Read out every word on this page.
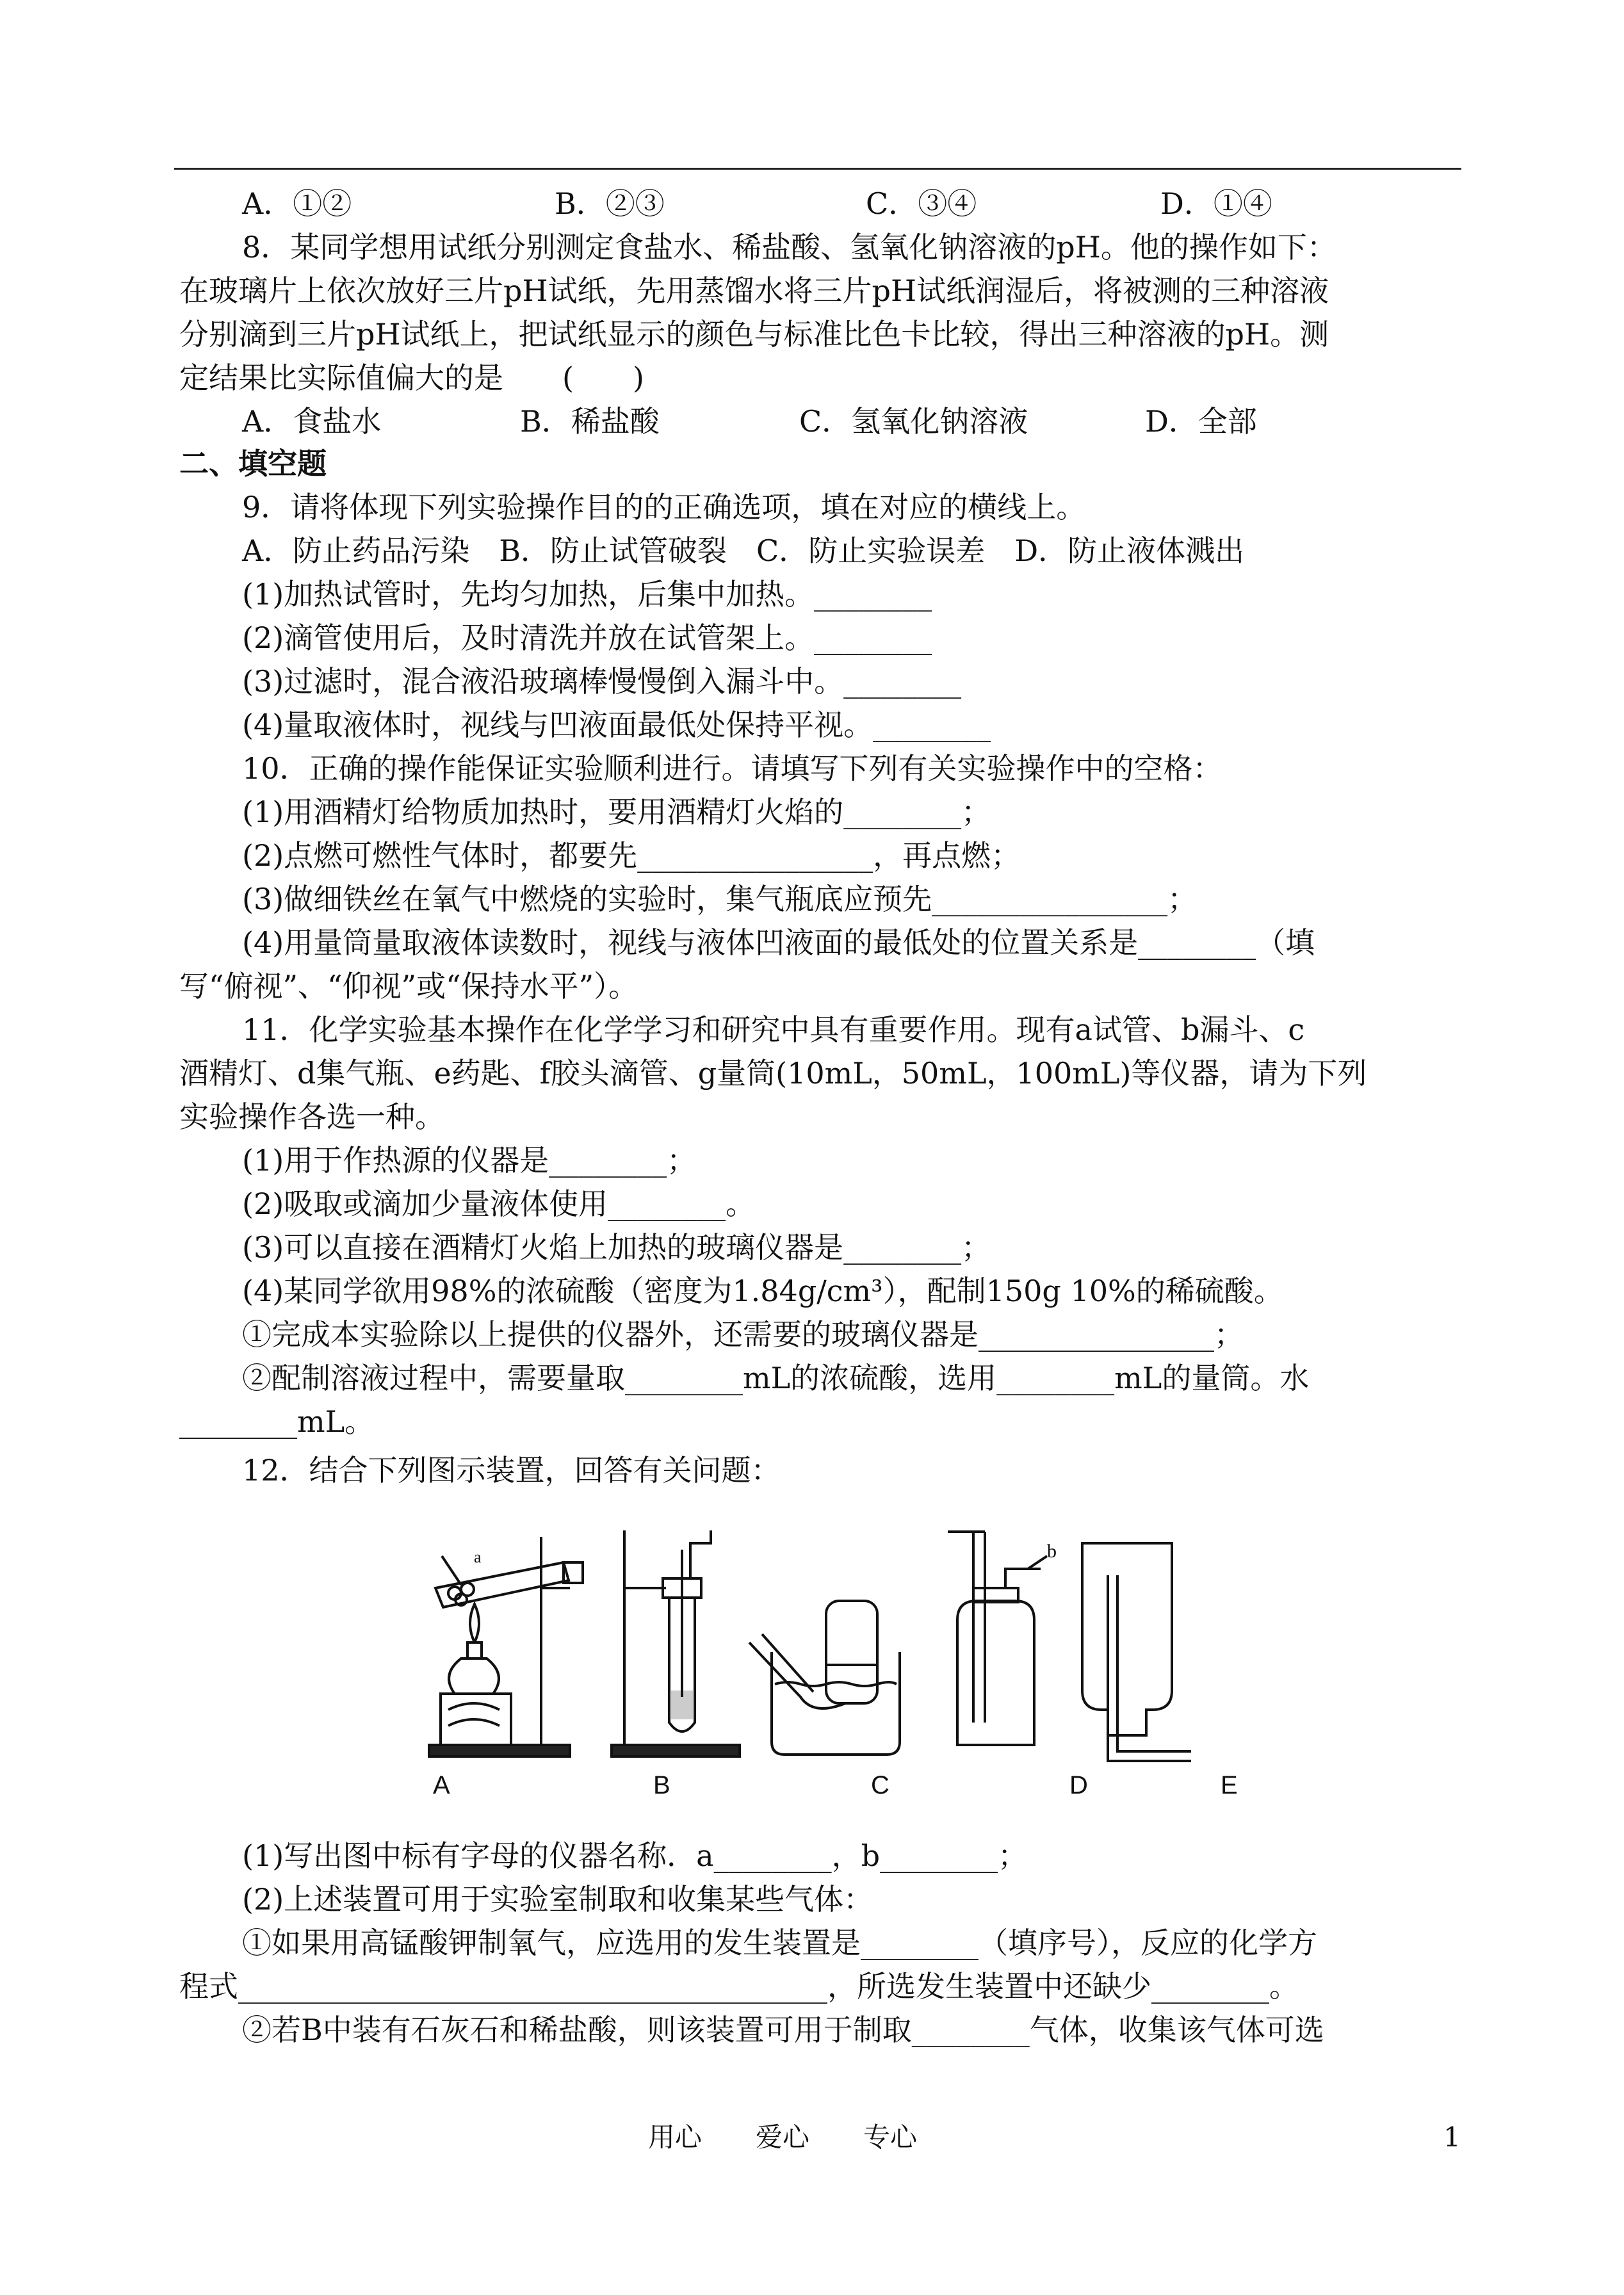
A．①②	B．②③	C．③④	D．①④
8．某同学想用试纸分别测定食盐水、稀盐酸、氢氧化钠溶液的pH。他的操作如下：
在玻璃片上依次放好三片pH试纸，先用蒸馏水将三片pH试纸润湿后，将被测的三种溶液
分别滴到三片pH试纸上，把试纸显示的颜色与标准比色卡比较，得出三种溶液的pH。测
定结果比实际值偏大的是　　(　　)
A．食盐水	B．稀盐酸	C．氢氧化钠溶液	D．全部
二、填空题
9．请将体现下列实验操作目的的正确选项，填在对应的横线上。
A．防止药品污染　B．防止试管破裂　C．防止实验误差　D．防止液体溅出
(1)加热试管时，先均匀加热，后集中加热。________
(2)滴管使用后，及时清洗并放在试管架上。________
(3)过滤时，混合液沿玻璃棒慢慢倒入漏斗中。________
(4)量取液体时，视线与凹液面最低处保持平视。________
10．正确的操作能保证实验顺利进行。请填写下列有关实验操作中的空格：
(1)用酒精灯给物质加热时，要用酒精灯火焰的________；
(2)点燃可燃性气体时，都要先________________，再点燃；
(3)做细铁丝在氧气中燃烧的实验时，集气瓶底应预先________________；
(4)用量筒量取液体读数时，视线与液体凹液面的最低处的位置关系是________（填
写“俯视”、“仰视”或“保持水平”）。
11．化学实验基本操作在化学学习和研究中具有重要作用。现有a试管、b漏斗、c
酒精灯、d集气瓶、e药匙、f胶头滴管、g量筒(10mL，50mL，100mL)等仪器，请为下列
实验操作各选一种。
(1)用于作热源的仪器是________；
(2)吸取或滴加少量液体使用________。
(3)可以直接在酒精灯火焰上加热的玻璃仪器是________；
(4)某同学欲用98%的浓硫酸（密度为1.84g/cm³），配制150g 10%的稀硫酸。
①完成本实验除以上提供的仪器外，还需要的玻璃仪器是________________；
②配制溶液过程中，需要量取________mL的浓硫酸，选用________mL的量筒。水
________mL。
12．结合下列图示装置，回答有关问题：
a	b
A	B	C	D	E
(1)写出图中标有字母的仪器名称．a________，b________；
(2)上述装置可用于实验室制取和收集某些气体：
①如果用高锰酸钾制氧气，应选用的发生装置是________（填序号），反应的化学方
程式________________________________________，所选发生装置中还缺少________。
②若B中装有石灰石和稀盐酸，则该装置可用于制取________气体，收集该气体可选
用心　　爱心　　专心	1
